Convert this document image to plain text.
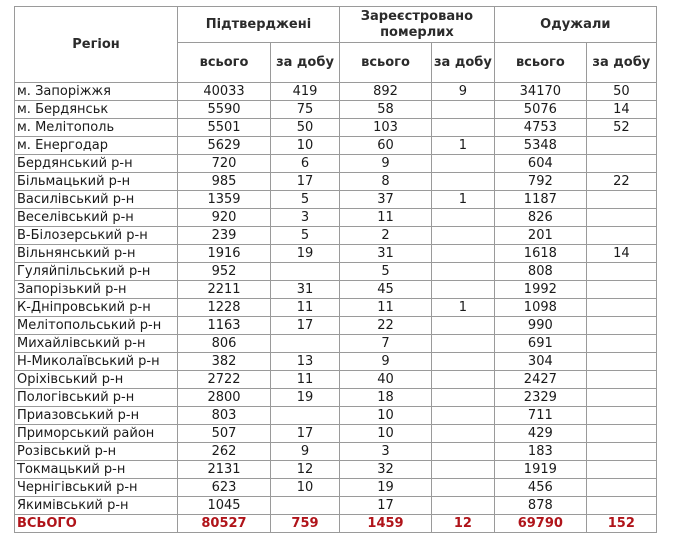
Регіон	Підтверджені		Зареєстровано померлих		Одужали	
	всього	за добу	всього	за добу	всього	за добу
м. Запоріжжя	40033	419	892	9	34170	50
м. Бердянськ	5590	75	58		5076	14
м. Мелітополь	5501	50	103		4753	52
м. Енергодар	5629	10	60	1	5348	
Бердянський р-н	720	6	9		604	
Більмацький р-н	985	17	8		792	22
Василівський р-н	1359	5	37	1	1187	
Веселівський р-н	920	3	11		826	
В-Білозерський р-н	239	5	2		201	
Вільнянський р-н	1916	19	31		1618	14
Гуляйпільський р-н	952		5		808	
Запорізький р-н	2211	31	45		1992	
К-Дніпровський р-н	1228	11	11	1	1098	
Мелітопольський р-н	1163	17	22		990	
Михайлівський р-н	806		7		691	
Н-Миколаївський р-н	382	13	9		304	
Оріхівський р-н	2722	11	40		2427	
Пологівський р-н	2800	19	18		2329	
Приазовський р-н	803		10		711	
Приморський район	507	17	10		429	
Розівський р-н	262	9	3		183	
Токмацький р-н	2131	12	32		1919	
Чернігівський р-н	623	10	19		456	
Якимівський р-н	1045		17		878	
ВСЬОГО	80527	759	1459	12	69790	152
